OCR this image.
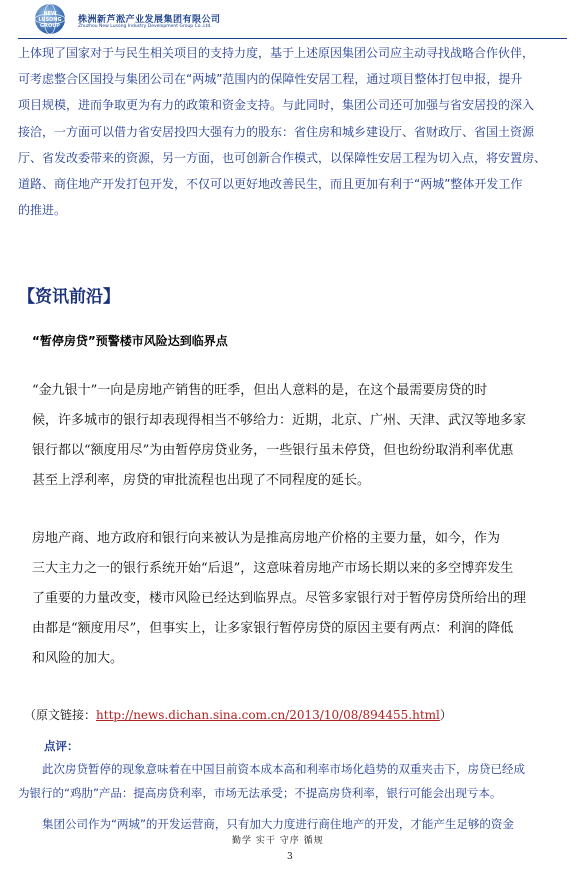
NEW
LUSONG
GROUP
株洲新芦淞产业发展集团有限公司
Zhuzhou New Lusong Industry Development Group Co.,Ltd.
上体现了国家对于与民生相关项目的支持力度，基于上述原因集团公司应主动寻找战略合作伙伴，
可考虑整合区国投与集团公司在“两城”范围内的保障性安居工程，通过项目整体打包申报，提升
项目规模，进而争取更为有力的政策和资金支持。与此同时，集团公司还可加强与省安居投的深入
接洽，一方面可以借力省安居投四大强有力的股东：省住房和城乡建设厅、省财政厅、省国土资源
厅、省发改委带来的资源，另一方面，也可创新合作模式，以保障性安居工程为切入点，将安置房、
道路、商住地产开发打包开发，不仅可以更好地改善民生，而且更加有利于“两城”整体开发工作
的推进。
【资讯前沿】
“暂停房贷”预警楼市风险达到临界点
“金九银十”一向是房地产销售的旺季，但出人意料的是，在这个最需要房贷的时
候，许多城市的银行却表现得相当不够给力：近期，北京、广州、天津、武汉等地多家
银行都以“额度用尽”为由暂停房贷业务，一些银行虽未停贷，但也纷纷取消利率优惠
甚至上浮利率，房贷的审批流程也出现了不同程度的延长。
房地产商、地方政府和银行向来被认为是推高房地产价格的主要力量，如今，作为
三大主力之一的银行系统开始“后退”，这意味着房地产市场长期以来的多空博弈发生
了重要的力量改变，楼市风险已经达到临界点。尽管多家银行对于暂停房贷所给出的理
由都是“额度用尽”，但事实上，让多家银行暂停房贷的原因主要有两点：利润的降低
和风险的加大。
（原文链接：http://news.dichan.sina.com.cn/2013/10/08/894455.html）
点评：
此次房贷暂停的现象意味着在中国目前资本成本高和利率市场化趋势的双重夹击下，房贷已经成
为银行的“鸡肋”产品：提高房贷利率，市场无法承受；不提高房贷利率，银行可能会出现亏本。
集团公司作为“两城”的开发运营商，只有加大力度进行商住地产的开发，才能产生足够的资金
勤学 实干 守序 循规
3
